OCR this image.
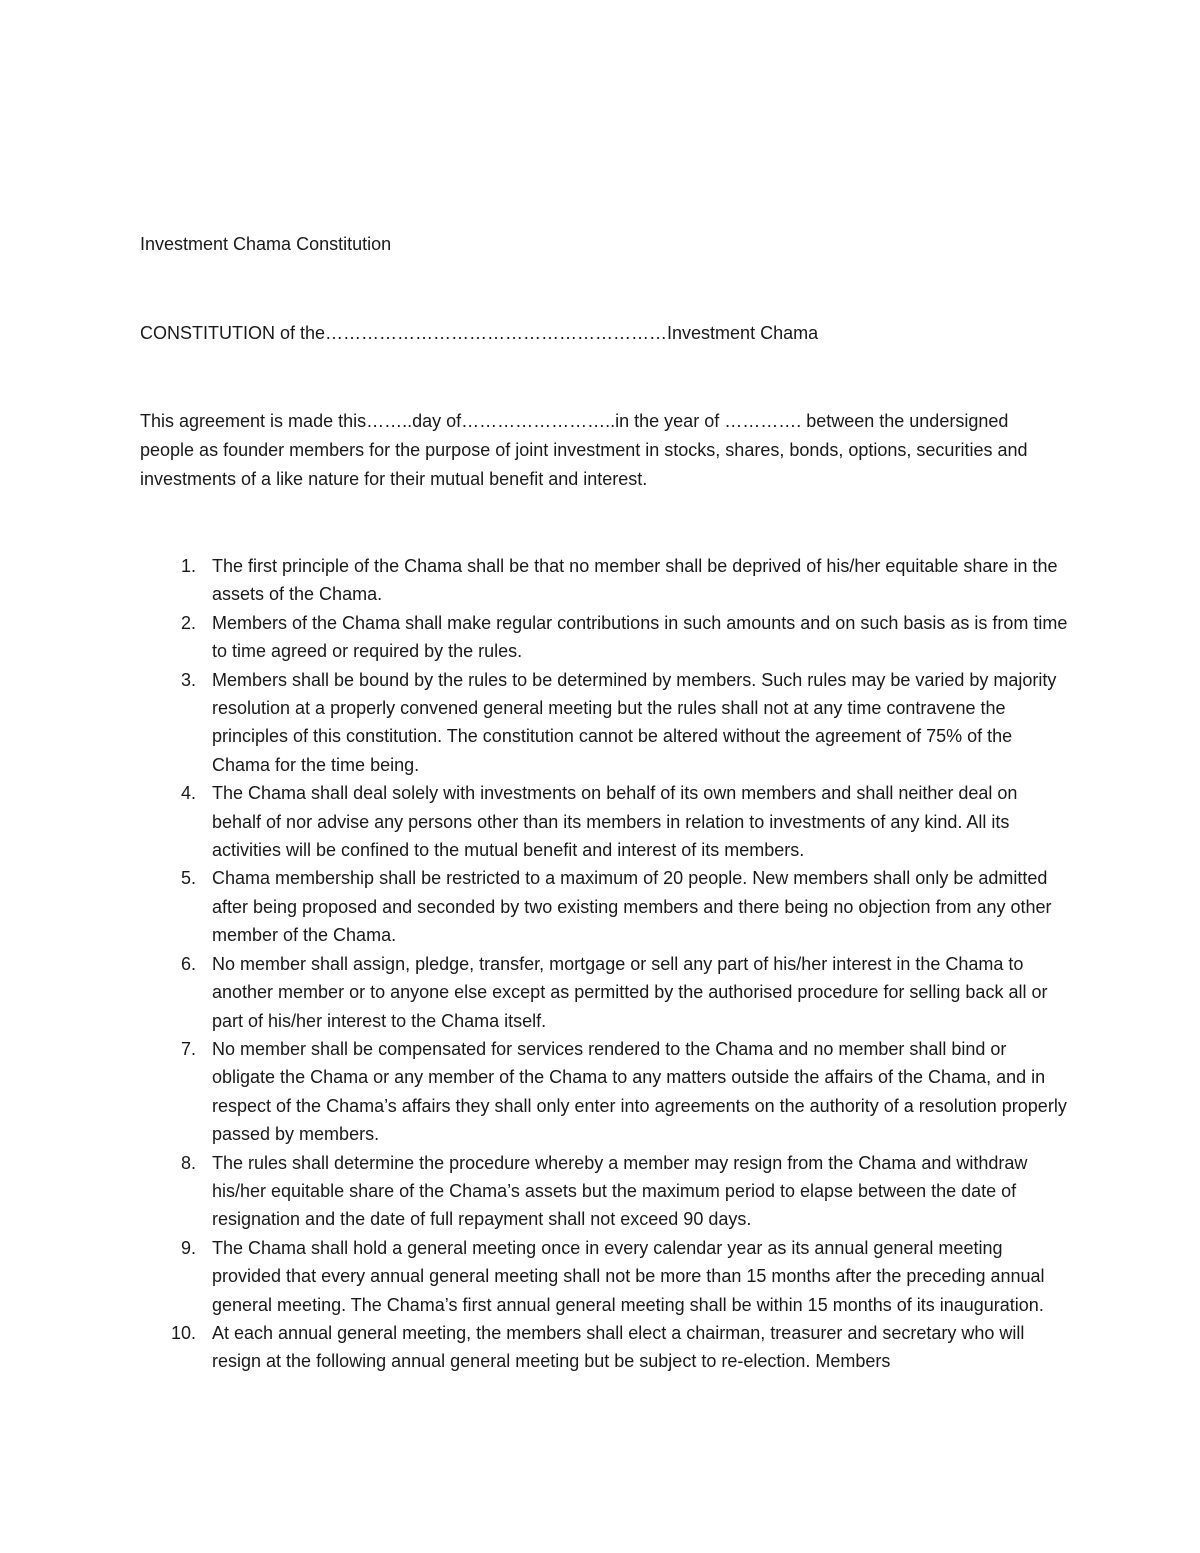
Investment Chama Constitution

CONSTITUTION of the…………………………………………………Investment Chama

This agreement is made this……..day of……………………..in the year of …………. between the undersigned people as founder members for the purpose of joint investment in stocks, shares, bonds, options, securities and investments of a like nature for their mutual benefit and interest.

1. The first principle of the Chama shall be that no member shall be deprived of his/her equitable share in the assets of the Chama.
2. Members of the Chama shall make regular contributions in such amounts and on such basis as is from time to time agreed or required by the rules.
3. Members shall be bound by the rules to be determined by members. Such rules may be varied by majority resolution at a properly convened general meeting but the rules shall not at any time contravene the principles of this constitution. The constitution cannot be altered without the agreement of 75% of the Chama for the time being.
4. The Chama shall deal solely with investments on behalf of its own members and shall neither deal on behalf of nor advise any persons other than its members in relation to investments of any kind. All its activities will be confined to the mutual benefit and interest of its members.
5. Chama membership shall be restricted to a maximum of 20 people. New members shall only be admitted after being proposed and seconded by two existing members and there being no objection from any other member of the Chama.
6. No member shall assign, pledge, transfer, mortgage or sell any part of his/her interest in the Chama to another member or to anyone else except as permitted by the authorised procedure for selling back all or part of his/her interest to the Chama itself.
7. No member shall be compensated for services rendered to the Chama and no member shall bind or obligate the Chama or any member of the Chama to any matters outside the affairs of the Chama, and in respect of the Chama’s affairs they shall only enter into agreements on the authority of a resolution properly passed by members.
8. The rules shall determine the procedure whereby a member may resign from the Chama and withdraw his/her equitable share of the Chama’s assets but the maximum period to elapse between the date of resignation and the date of full repayment shall not exceed 90 days.
9. The Chama shall hold a general meeting once in every calendar year as its annual general meeting provided that every annual general meeting shall not be more than 15 months after the preceding annual general meeting. The Chama’s first annual general meeting shall be within 15 months of its inauguration.
10. At each annual general meeting, the members shall elect a chairman, treasurer and secretary who will resign at the following annual general meeting but be subject to re-election. Members
